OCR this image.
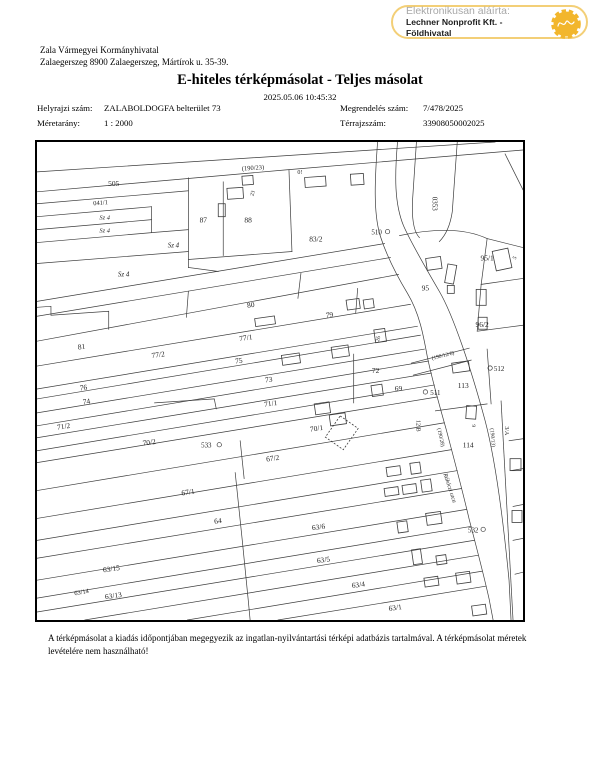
Elektronikusan aláírta:
Lechner Nonprofit Kft. - Földhivatal
Zala Vármegyei Kormányhivatal
Zalaegerszeg 8900 Zalaegerszeg, Mártírok u. 35-39.
E-hiteles térképmásolat - Teljes másolat
2025.05.06 10:45:32
Helyrajzi szám:	ZALABOLDOGFA belterület 73	Megrendelés szám:	7/478/2025
Méretarány:	1 : 2000	Térrajzszám:	33908050002025
505
(190/23)
0!
041/1
Sz 4
Sz 4
Sz 4
Sz 4
87	88
23
83/2
0353
510
95
95/1	5
96/2
80
81
79
77/1
77/2
75
76
73
74
72
26
69	511
512
(190/12/6)
113
71/1
71/2
70/2
70/1
533
12/B
(190/28) 114	(190/13) 3/A
9
67/2
67/1
64
Rákóczi utca
532
63/15
63/14 63/13
63/6
63/5
63/4
63/1
A térképmásolat a kiadás időpontjában megegyezik az ingatlan-nyilvántartási térképi adatbázis tartalmával. A térképmásolat méretek levételére nem használható!
